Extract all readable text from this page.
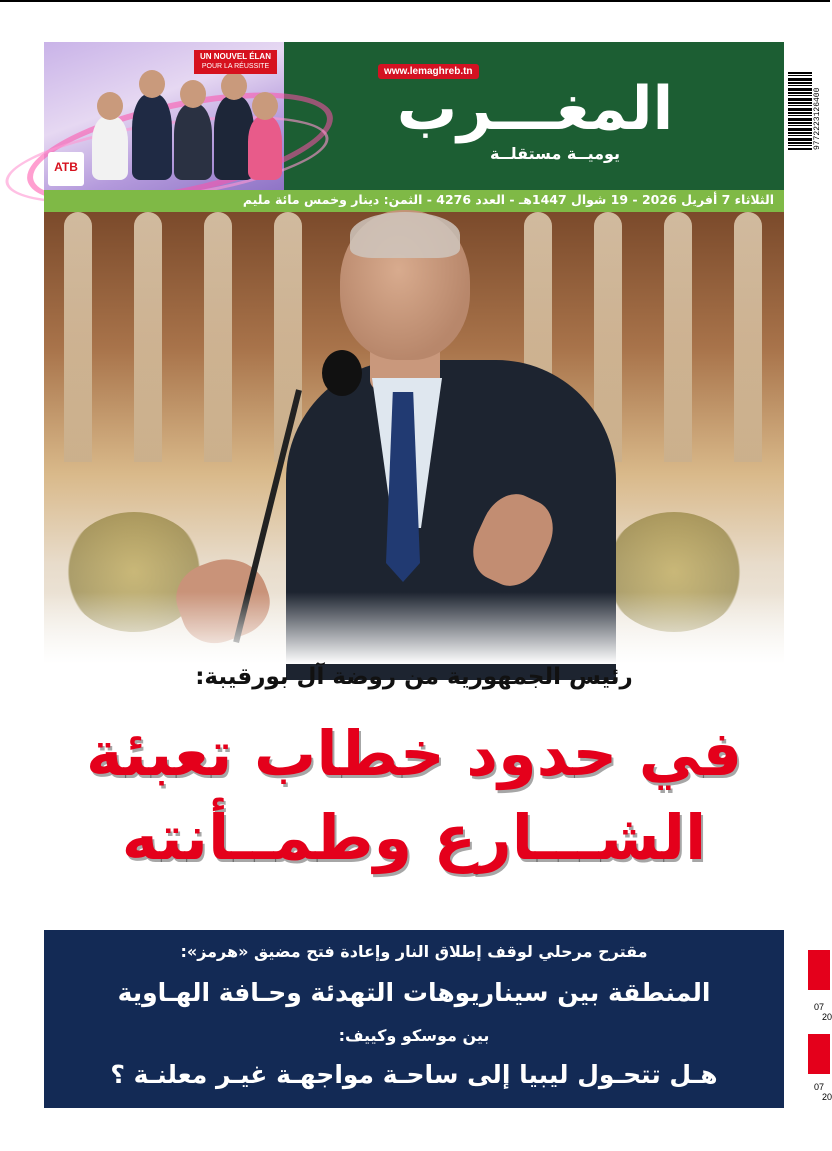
UN NOUVEL ÉLAN
POUR LA RÉUSSITE
ATB
www.lemaghreb.tn
المغـــرب
يوميــة مستقلــة
الثلاثاء 7 أفريل 2026 - 19 شوال 1447هـ - العدد 4276 - الثمن: دينار وخمس مائة مليم
9772223126400
رئيس الجمهورية من روضة آل بورقيبة:
في حدود خطاب تعبئة
الشـــارع وطمــأنته
مقترح مرحلي لوقف إطلاق النار وإعادة فتح مضيق «هرمز»:
المنطقة بين سيناريوهات التهدئة وحـافة الهـاوية
بين موسكو وكييف:
هـل تتحـول ليبيا إلى ساحـة مواجهـة غيـر معلنـة ؟
07
20
07
20
